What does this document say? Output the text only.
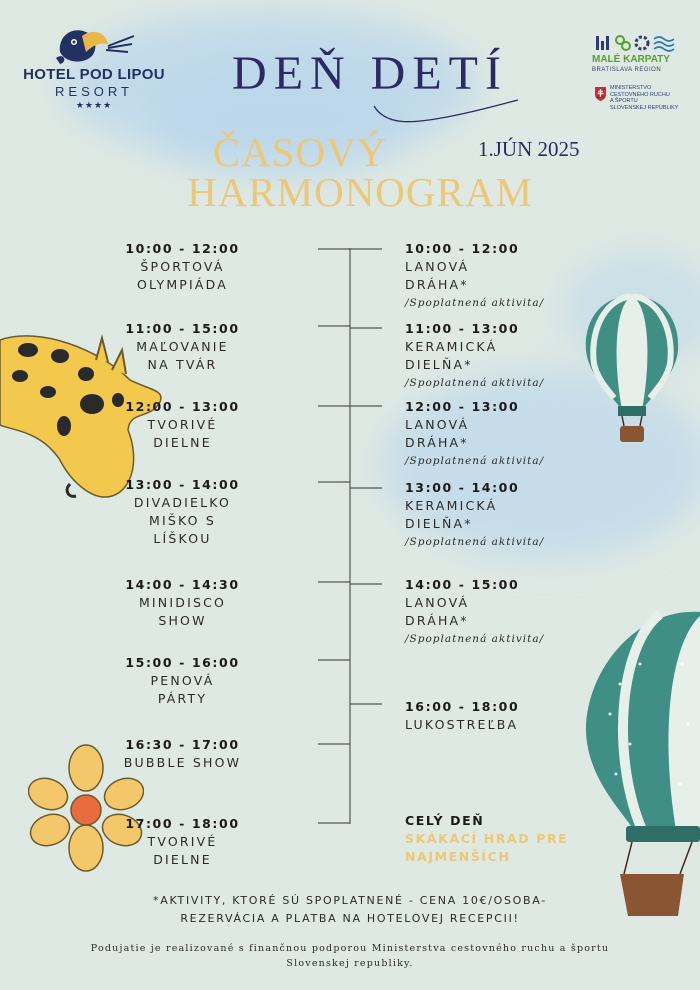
HOTEL POD LIPOU
RESORT
★★★★
DEŇ DETÍ
ČASOVÝ
HARMONOGRAM
1.JÚN 2025
MALÉ KARPATY
BRATISLAVA REGION
MINISTERSTVO
CESTOVNÉHO RUCHU
A ŠPORTU
SLOVENSKEJ REPUBLIKY
10:00 - 12:00
ŠPORTOVÁ
OLYMPIÁDA
11:00 - 15:00
MAĽOVANIE
NA TVÁR
12:00 - 13:00
TVORIVÉ
DIELNE
13:00 - 14:00
DIVADIELKO
MIŠKO S
LÍŠKOU
14:00 - 14:30
MINIDISCO
SHOW
15:00 - 16:00
PENOVÁ
PÁRTY
16:30 - 17:00
BUBBLE SHOW
17:00 - 18:00
TVORIVÉ
DIELNE
10:00 - 12:00
LANOVÁ
DRÁHA*
/Spoplatnená aktivita/
11:00 - 13:00
KERAMICKÁ
DIELŇA*
/Spoplatnená aktivita/
12:00 - 13:00
LANOVÁ
DRÁHA*
/Spoplatnená aktivita/
13:00 - 14:00
KERAMICKÁ
DIELŇA*
/Spoplatnená aktivita/
14:00 - 15:00
LANOVÁ
DRÁHA*
/Spoplatnená aktivita/
16:00 - 18:00
LUKOSTREĽBA
CELÝ DEŇ
SKÁKACÍ HRAD PRE
NAJMENŠÍCH
*AKTIVITY, KTORÉ SÚ SPOPLATNENÉ - CENA 10€/OSOBA-
REZERVÁCIA A PLATBA NA HOTELOVEJ RECEPCII!
Podujatie je realizované s finančnou podporou Ministerstva cestovného ruchu a športu
Slovenskej republiky.
